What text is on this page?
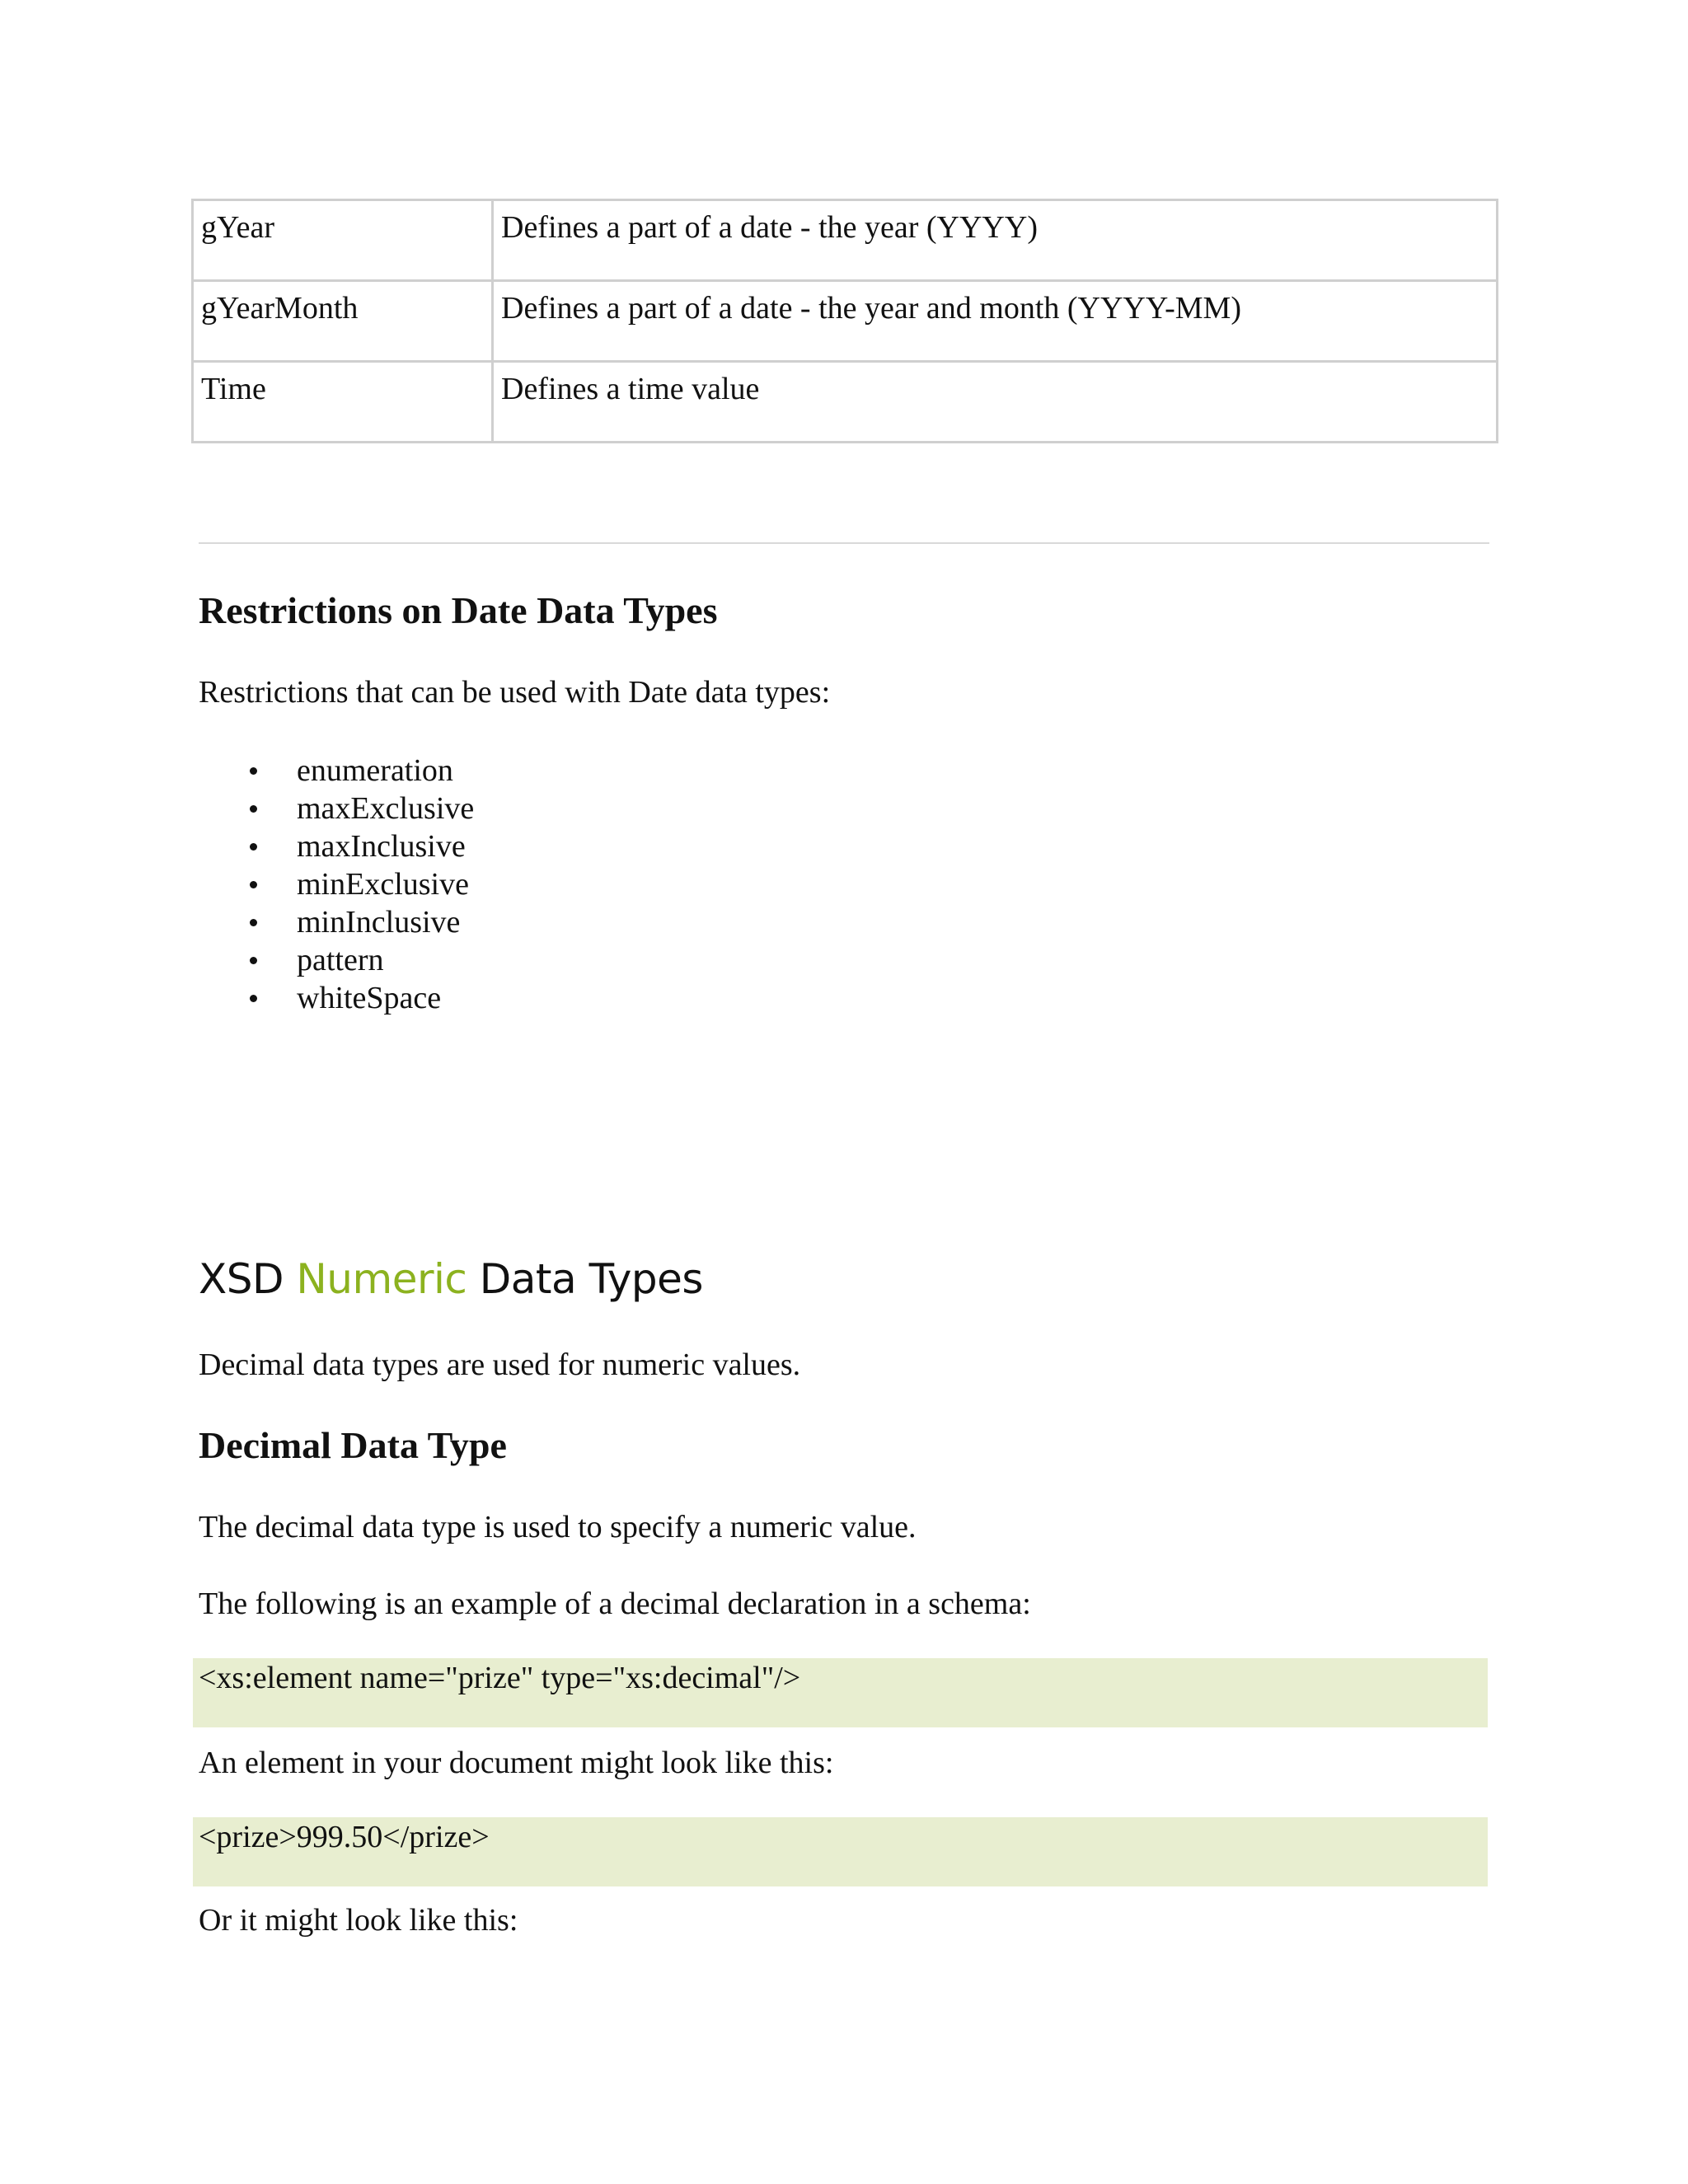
gYear	Defines a part of a date - the year (YYYY)
gYearMonth	Defines a part of a date - the year and month (YYYY-MM)
Time	Defines a time value
Restrictions on Date Data Types

Restrictions that can be used with Date data types:

enumeration
maxExclusive
maxInclusive
minExclusive
minInclusive
pattern
whiteSpace
XSD Numeric Data Types

Decimal data types are used for numeric values.

Decimal Data Type

The decimal data type is used to specify a numeric value.

The following is an example of a decimal declaration in a schema:

<xs:element name="prize" type="xs:decimal"/>

An element in your document might look like this:

<prize>999.50</prize>

Or it might look like this:
